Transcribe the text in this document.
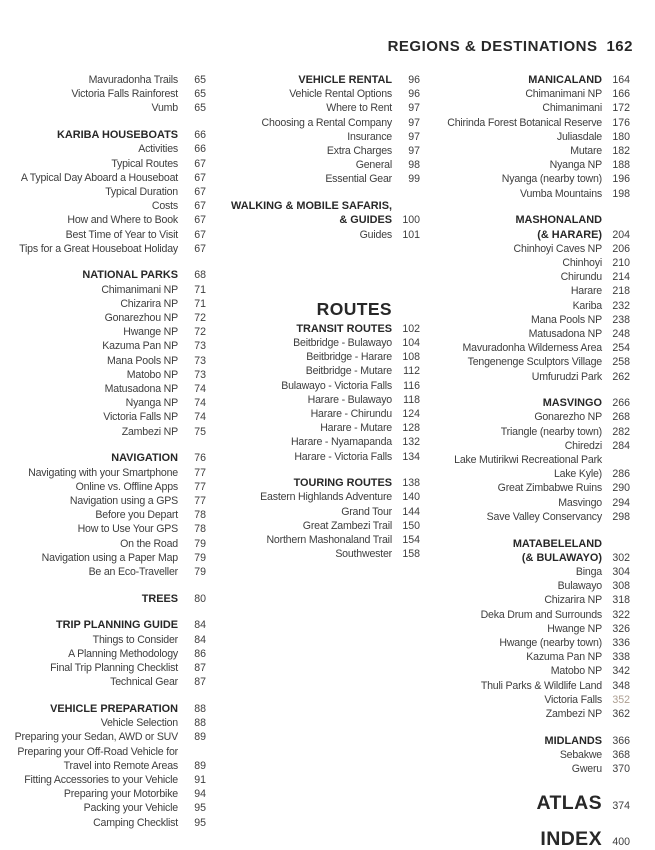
REGIONS & DESTINATIONS 162
Mavuradonha Trails	65
Victoria Falls Rainforest	65
Vumb	65
KARIBA HOUSEBOATS	66
Activities	66
Typical Routes	67
A Typical Day Aboard a Houseboat	67
Typical Duration	67
Costs	67
How and Where to Book	67
Best Time of Year to Visit	67
Tips for a Great Houseboat Holiday	67
NATIONAL PARKS	68
Chimanimani NP	71
Chizarira NP	71
Gonarezhou NP	72
Hwange NP	72
Kazuma Pan NP	73
Mana Pools NP	73
Matobo NP	73
Matusadona NP	74
Nyanga NP	74
Victoria Falls NP	74
Zambezi NP	75
NAVIGATION	76
Navigating with your Smartphone	77
Online vs. Offline Apps	77
Navigation using a GPS	77
Before you Depart	78
How to Use Your GPS	78
On the Road	79
Navigation using a Paper Map	79
Be an Eco-Traveller	79
TREES	80
TRIP PLANNING GUIDE	84
Things to Consider	84
A Planning Methodology	86
Final Trip Planning Checklist	87
Technical Gear	87
VEHICLE PREPARATION	88
Vehicle Selection	88
Preparing your Sedan, AWD or SUV	89
Preparing your Off-Road Vehicle for
Travel into Remote Areas	89
Fitting Accessories to your Vehicle	91
Preparing your Motorbike	94
Packing your Vehicle	95
Camping Checklist	95
VEHICLE RENTAL	96
Vehicle Rental Options	96
Where to Rent	97
Choosing a Rental Company	97
Insurance	97
Extra Charges	97
General	98
Essential Gear	99
WALKING & MOBILE SAFARIS,
& GUIDES 100
Guides 101
ROUTES
TRANSIT ROUTES 102
Beitbridge - Bulawayo 104
Beitbridge - Harare 108
Beitbridge - Mutare	112
Bulawayo - Victoria Falls	116
Harare - Bulawayo	118
Harare - Chirundu 124
Harare - Mutare 128
Harare - Nyamapanda 132
Harare - Victoria Falls 134
TOURING ROUTES 138
Eastern Highlands Adventure 140
Grand Tour 144
Great Zambezi Trail 150
Northern Mashonaland Trail 154
Southwester 158
MANICALAND 164
Chimanimani NP 166
Chimanimani 172
Chirinda Forest Botanical Reserve 176
Juliasdale 180
Mutare 182
Nyanga NP 188
Nyanga (nearby town) 196
Vumba Mountains 198
MASHONALAND
(& HARARE) 204
Chinhoyi Caves NP 206
Chinhoyi 210
Chirundu 214
Harare 218
Kariba 232
Mana Pools NP 238
Matusadona NP 248
Mavuradonha Wilderness Area 254
Tengenenge Sculptors Village 258
Umfurudzi Park 262
MASVINGO 266
Gonarezho NP 268
Triangle (nearby town) 282
Chiredzi 284
Lake Mutirikwi Recreational Park
Lake Kyle) 286
Great Zimbabwe Ruins 290
Masvingo 294
Save Valley Conservancy 298
MATABELELAND
(& BULAWAYO) 302
Binga 304
Bulawayo 308
Chizarira NP 318
Deka Drum and Surrounds 322
Hwange NP 326
Hwange (nearby town) 336
Kazuma Pan NP 338
Matobo NP 342
Thuli Parks & Wildlife Land 348
Victoria Falls 352
Zambezi NP 362
MIDLANDS 366
Sebakwe 368
Gweru 370
ATLAS 374
INDEX 400
